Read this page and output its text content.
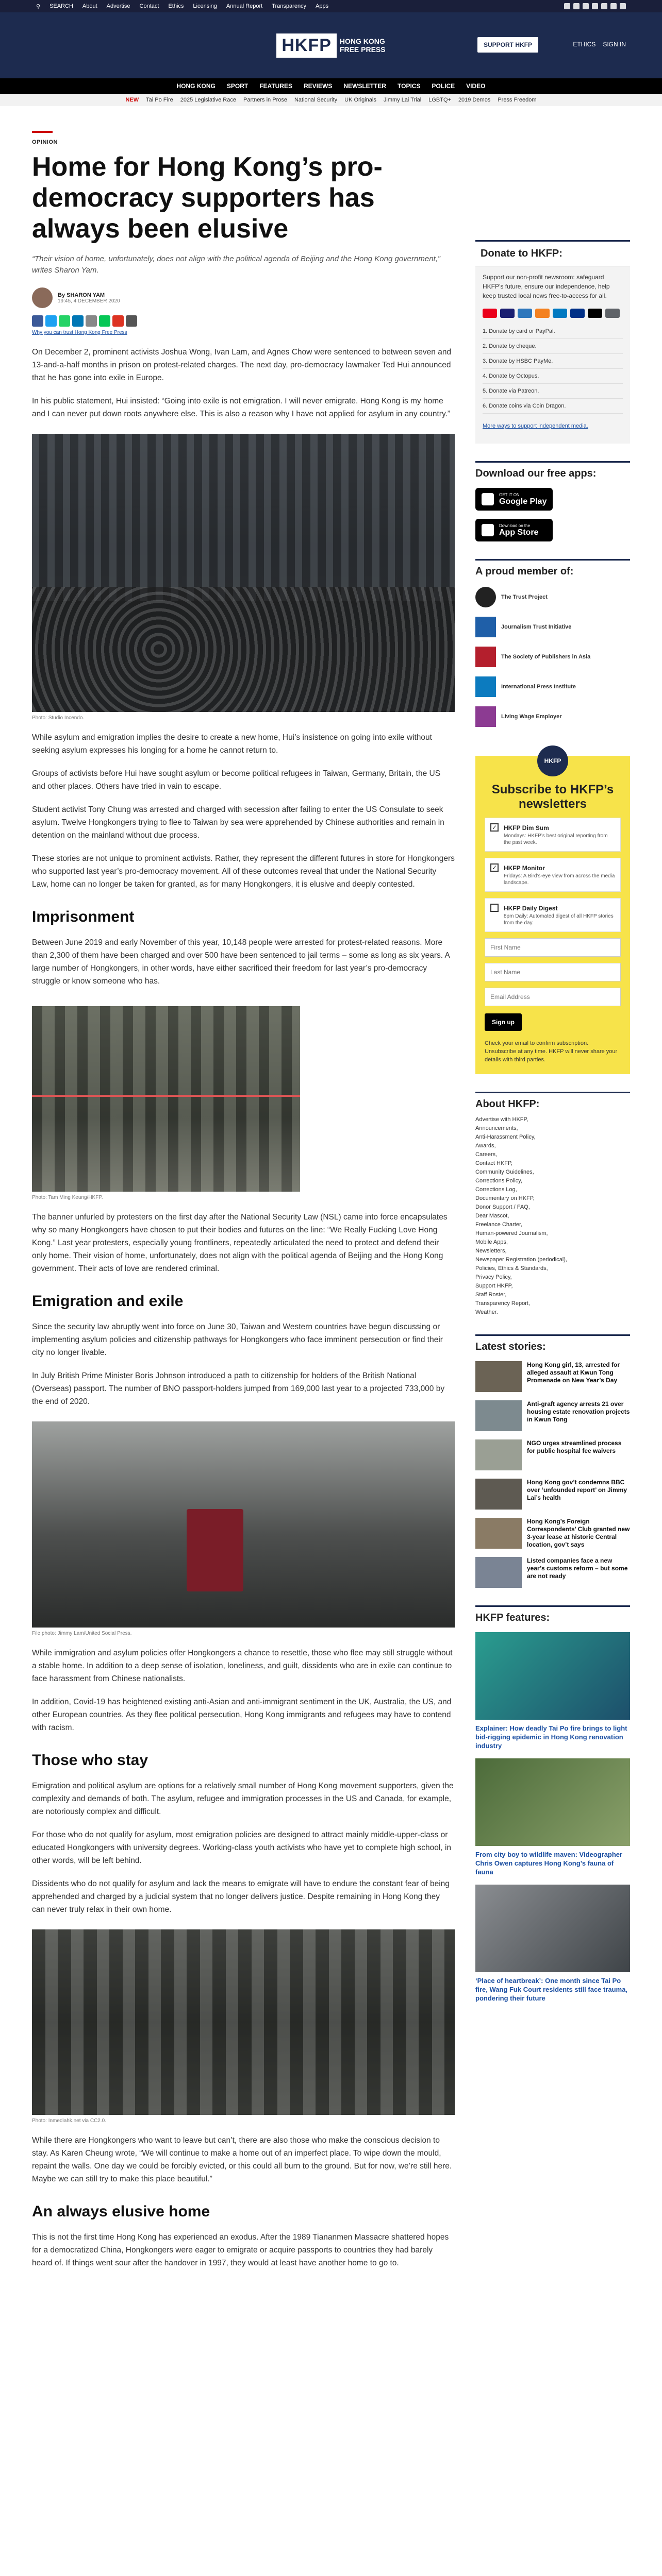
⚲ SEARCH About Advertise Contact Ethics Licensing Annual Report Transparency Apps
HKFP	HONG KONG
FREE PRESS
SUPPORT HKFP	ETHICS SIGN IN
HONG KONG SPORT FEATURES REVIEWS NEWSLETTER TOPICS POLICE VIDEO
NEW Tai Po Fire 2025 Legislative Race Partners in Prose National Security UK Originals Jimmy Lai Trial LGBTQ+ 2019 Demos Press Freedom
OPINION
Home for Hong Kong’s pro-democracy supporters has always been elusive
“Their vision of home, unfortunately, does not align with the political agenda of Beijing and the Hong Kong government,” writes Sharon Yam.
By SHARON YAM
19:45, 4 DECEMBER 2020
Why you can trust Hong Kong Free Press

On December 2, prominent activists Joshua Wong, Ivan Lam, and Agnes Chow were sentenced to between seven and 13-and-a-half months in prison on protest-related charges. The next day, pro-democracy lawmaker Ted Hui announced that he has gone into exile in Europe.

In his public statement, Hui insisted: “Going into exile is not emigration. I will never emigrate. Hong Kong is my home and I can never put down roots anywhere else. This is also a reason why I have not applied for asylum in any country.”

Photo: Studio Incendo.

While asylum and emigration implies the desire to create a new home, Hui’s insistence on going into exile without seeking asylum expresses his longing for a home he cannot return to.

Groups of activists before Hui have sought asylum or become political refugees in Taiwan, Germany, Britain, the US and other places. Others have tried in vain to escape.

Student activist Tony Chung was arrested and charged with secession after failing to enter the US Consulate to seek asylum. Twelve Hongkongers trying to flee to Taiwan by sea were apprehended by Chinese authorities and remain in detention on the mainland without due process.

These stories are not unique to prominent activists. Rather, they represent the different futures in store for Hongkongers who supported last year’s pro-democracy movement. All of these outcomes reveal that under the National Security Law, home can no longer be taken for granted, as for many Hongkongers, it is elusive and deeply contested.

Imprisonment

Between June 2019 and early November of this year, 10,148 people were arrested for protest-related reasons. More than 2,300 of them have been charged and over 500 have been sentenced to jail terms – some as long as six years. A large number of Hongkongers, in other words, have either sacrificed their freedom for last year’s pro-democracy struggle or know someone who has.

Photo: Tam Ming Keung/HKFP.

The banner unfurled by protesters on the first day after the National Security Law (NSL) came into force encapsulates why so many Hongkongers have chosen to put their bodies and futures on the line: “We Really Fucking Love Hong Kong.” Last year protesters, especially young frontliners, repeatedly articulated the need to protect and defend their only home. Their vision of home, unfortunately, does not align with the political agenda of Beijing and the Hong Kong government. Their acts of love are rendered criminal.

Emigration and exile

Since the security law abruptly went into force on June 30, Taiwan and Western countries have begun discussing or implementing asylum policies and citizenship pathways for Hongkongers who face imminent persecution or find their city no longer livable.

In July British Prime Minister Boris Johnson introduced a path to citizenship for holders of the British National (Overseas) passport. The number of BNO passport-holders jumped from 169,000 last year to a projected 733,000 by the end of 2020.

File photo: Jimmy Lam/United Social Press.

While immigration and asylum policies offer Hongkongers a chance to resettle, those who flee may still struggle without a stable home. In addition to a deep sense of isolation, loneliness, and guilt, dissidents who are in exile can continue to face harassment from Chinese nationalists.

In addition, Covid-19 has heightened existing anti-Asian and anti-immigrant sentiment in the UK, Australia, the US, and other European countries. As they flee political persecution, Hong Kong immigrants and refugees may have to contend with racism.

Those who stay

Emigration and political asylum are options for a relatively small number of Hong Kong movement supporters, given the complexity and demands of both. The asylum, refugee and immigration processes in the US and Canada, for example, are notoriously complex and difficult.

For those who do not qualify for asylum, most emigration policies are designed to attract mainly middle-upper-class or educated Hongkongers with university degrees. Working-class youth activists who have yet to complete high school, in other words, will be left behind.

Dissidents who do not qualify for asylum and lack the means to emigrate will have to endure the constant fear of being apprehended and charged by a judicial system that no longer delivers justice. Despite remaining in Hong Kong they can never truly relax in their own home.

Photo: Inmediahk.net via CC2.0.

While there are Hongkongers who want to leave but can’t, there are also those who make the conscious decision to stay. As Karen Cheung wrote, “We will continue to make a home out of an imperfect place. To wipe down the mould, repaint the walls. One day we could be forcibly evicted, or this could all burn to the ground. But for now, we’re still here. Maybe we can still try to make this place beautiful.”

An always elusive home

This is not the first time Hong Kong has experienced an exodus. After the 1989 Tiananmen Massacre shattered hopes for a democratized China, Hongkongers were eager to emigrate or acquire passports to countries they had barely heard of. If things went sour after the handover in 1997, they would at least have another home to go to.

Donate to HKFP:
Support our non-profit newsroom: safeguard HKFP’s future, ensure our independence, help keep trusted local news free-to-access for all.
1. Donate by card or PayPal.
2. Donate by cheque.
3. Donate by HSBC PayMe.
4. Donate by Octopus.
5. Donate via Patreon.
6. Donate coins via Coin Dragon.
More ways to support independent media.
Download our free apps:
GET IT ON
Google Play
Download on the
App Store
A proud member of:
The Trust Project
Journalism Trust Initiative
The Society of Publishers in Asia
International Press Institute
Living Wage Employer
HKFP
Subscribe to HKFP’s newsletters
✓ HKFP Dim Sum

Mondays: HKFP’s best original reporting from the past week.

✓ HKFP Monitor

Fridays: A Bird’s-eye view from across the media landscape.

HKFP Daily Digest

8pm Daily: Automated digest of all HKFP stories from the day.

First Name Last Name Email Address Sign up
Check your email to confirm subscription. Unsubscribe at any time. HKFP will never share your details with third parties.
About HKFP:
Advertise with HKFP,
Announcements,
Anti-Harassment Policy,
Awards,
Careers,
Contact HKFP,
Community Guidelines,
Corrections Policy,
Corrections Log,
Documentary on HKFP,
Donor Support / FAQ,
Dear Mascot,
Freelance Charter,
Human-powered Journalism,
Mobile Apps,
Newsletters,
Newspaper Registration (periodical),
Policies, Ethics & Standards,
Privacy Policy,
Support HKFP,
Staff Roster,
Transparency Report,
Weather.
Latest stories:
Hong Kong girl, 13, arrested for alleged assault at Kwun Tong Promenade on New Year’s Day
Anti-graft agency arrests 21 over housing estate renovation projects in Kwun Tong
NGO urges streamlined process for public hospital fee waivers
Hong Kong gov’t condemns BBC over ‘unfounded report’ on Jimmy Lai’s health
Hong Kong’s Foreign Correspondents’ Club granted new 3-year lease at historic Central location, gov’t says
Listed companies face a new year’s customs reform – but some are not ready
HKFP features:
Explainer: How deadly Tai Po fire brings to light bid-rigging epidemic in Hong Kong renovation industry
From city boy to wildlife maven: Videographer Chris Owen captures Hong Kong’s fauna of fauna
‘Place of heartbreak’: One month since Tai Po fire, Wang Fuk Court residents still face trauma, pondering their future
